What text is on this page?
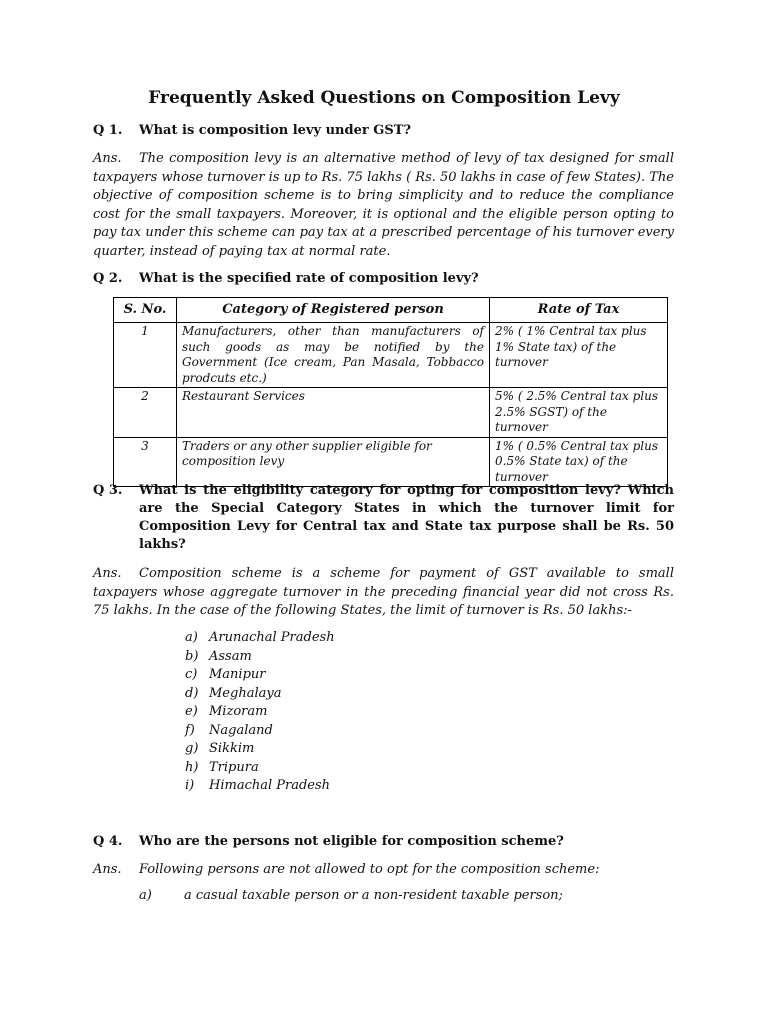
Frequently Asked Questions on Composition Levy
Q 1.	What is composition levy under GST?
Ans. The composition levy is an alternative method of levy of tax designed for small taxpayers whose turnover is up to Rs. 75 lakhs ( Rs. 50 lakhs in case of few States). The objective of composition scheme is to bring simplicity and to reduce the compliance cost for the small taxpayers. Moreover, it is optional and the eligible person opting to pay tax under this scheme can pay tax at a prescribed percentage of his turnover every quarter, instead of paying tax at normal rate.
Q 2.	What is the specified rate of composition levy?
S. No.	Category of Registered person	Rate of Tax
1	Manufacturers, other than manufacturers of such goods as may be notified by the Government (Ice cream, Pan Masala, Tobbacco prodcuts etc.)	2% ( 1% Central tax plus 1% State tax) of the turnover
2	Restaurant Services	5% ( 2.5% Central tax plus 2.5% SGST) of the turnover
3	Traders or any other supplier eligible for composition levy	1% ( 0.5% Central tax plus 0.5% State tax) of the turnover
Q 3.	What is the eligibility category for opting for composition levy? Which are the Special Category States in which the turnover limit for Composition Levy for Central tax and State tax purpose shall be Rs. 50 lakhs?
Ans. Composition scheme is a scheme for payment of GST available to small taxpayers whose aggregate turnover in the preceding financial year did not cross Rs. 75 lakhs. In the case of the following States, the limit of turnover is Rs. 50 lakhs:-
a) Arunachal Pradesh
b) Assam
c) Manipur
d) Meghalaya
e) Mizoram
f)	Nagaland
g) Sikkim
h) Tripura
i)	Himachal Pradesh
Q 4.	Who are the persons not eligible for composition scheme?
Ans. Following persons are not allowed to opt for the composition scheme:
a)	a casual taxable person or a non-resident taxable person;
